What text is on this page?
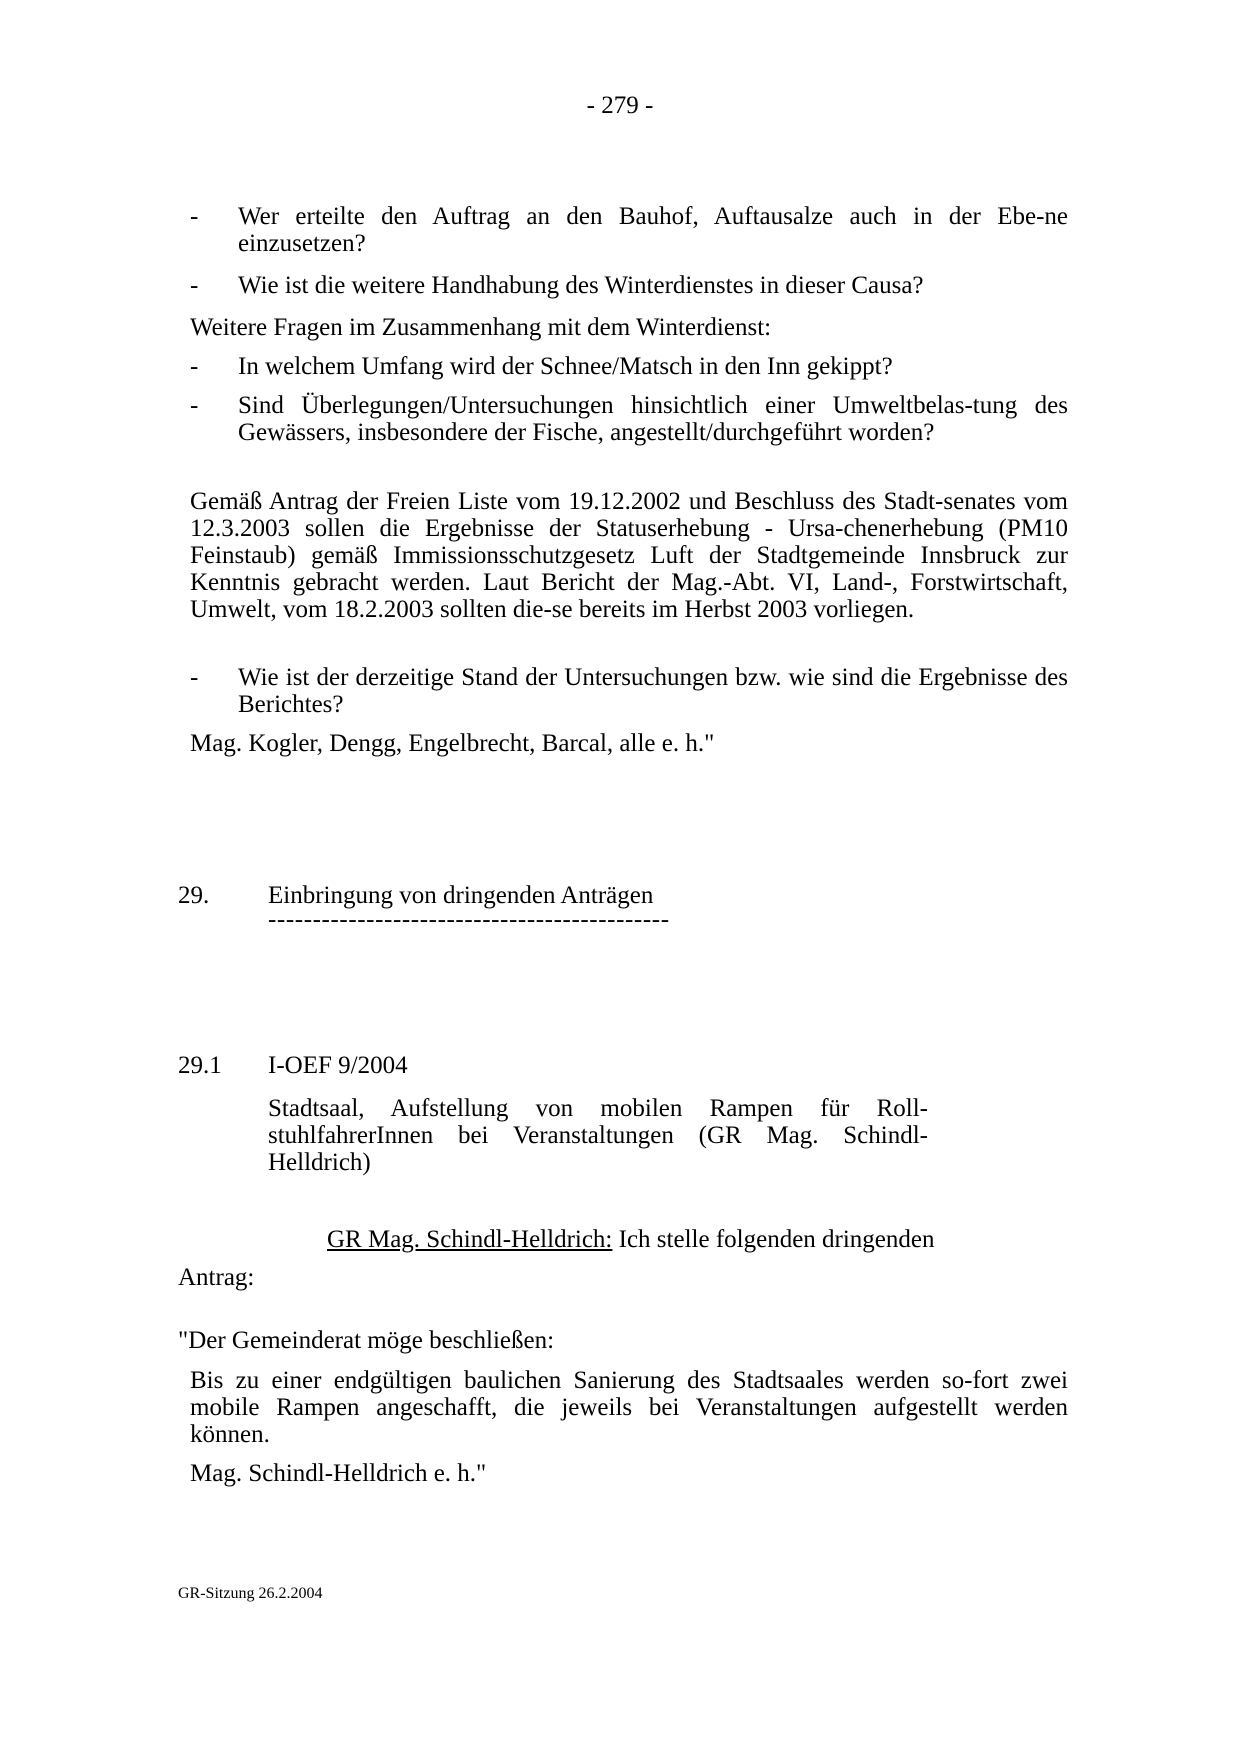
- 279 -
- Wer erteilte den Auftrag an den Bauhof, Auftausalze auch in der Ebe-ne einzusetzen?
- Wie ist die weitere Handhabung des Winterdienstes in dieser Causa?
Weitere Fragen im Zusammenhang mit dem Winterdienst:
- In welchem Umfang wird der Schnee/Matsch in den Inn gekippt?
- Sind Überlegungen/Untersuchungen hinsichtlich einer Umweltbelas-tung des Gewässers, insbesondere der Fische, angestellt/durchgeführt worden?
Gemäß Antrag der Freien Liste vom 19.12.2002 und Beschluss des Stadt-senates vom 12.3.2003 sollen die Ergebnisse der Statuserhebung - Ursa-chenerhebung (PM10 Feinstaub) gemäß Immissionsschutzgesetz Luft der Stadtgemeinde Innsbruck zur Kenntnis gebracht werden. Laut Bericht der Mag.-Abt. VI, Land-, Forstwirtschaft, Umwelt, vom 18.2.2003 sollten die-se bereits im Herbst 2003 vorliegen.
- Wie ist der derzeitige Stand der Untersuchungen bzw. wie sind die Ergebnisse des Berichtes?
Mag. Kogler, Dengg, Engelbrecht, Barcal, alle e. h."
29. Einbringung von dringenden Anträgen
---------------------------------------------
29.1 I-OEF 9/2004
Stadtsaal, Aufstellung von mobilen Rampen für Roll-stuhlfahrerInnen bei Veranstaltungen (GR Mag. Schindl-Helldrich)
GR Mag. Schindl-Helldrich: Ich stelle folgenden dringenden
Antrag:
"Der Gemeinderat möge beschließen:
Bis zu einer endgültigen baulichen Sanierung des Stadtsaales werden so-fort zwei mobile Rampen angeschafft, die jeweils bei Veranstaltungen aufgestellt werden können.
Mag. Schindl-Helldrich e. h."
GR-Sitzung 26.2.2004
